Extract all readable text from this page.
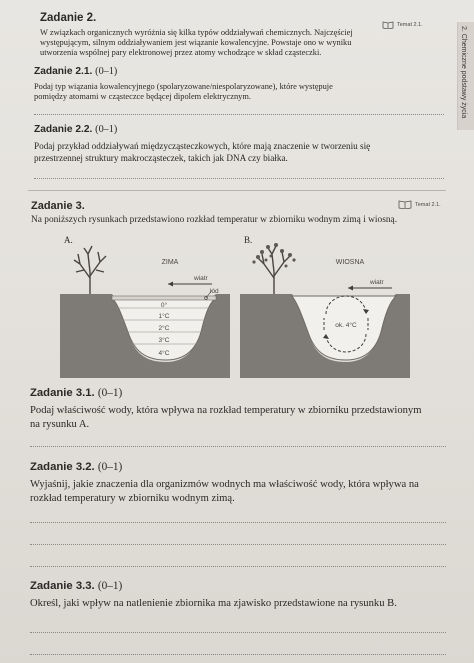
2. Chemiczne podstawy życia
Zadanie 2.
Temat 2.1.
W związkach organicznych wyróżnia się kilka typów oddziaływań chemicznych. Najczęściej
występującym, silnym oddziaływaniem jest wiązanie kowalencyjne. Powstaje ono w wyniku
utworzenia wspólnej pary elektronowej przez atomy wchodzące w skład cząsteczki.
Zadanie 2.1. (0–1)
Podaj typ wiązania kowalencyjnego (spolaryzowane/niespolaryzowane), które występuje
pomiędzy atomami w cząsteczce będącej dipolem elektrycznym.
Zadanie 2.2. (0–1)
Podaj przykład oddziaływań międzycząsteczkowych, które mają znaczenie w tworzeniu się
przestrzennej struktury makrocząsteczek, takich jak DNA czy białka.
Zadanie 3.	Temat 2.1.
Na poniższych rysunkach przedstawiono rozkład temperatur w zbiorniku wodnym zimą i wiosną.
A.	B.
ZIMA
wiatr
lód
0°
1°C
2°C
3°C
4°C
WIOSNA
wiatr
ok. 4°C
Zadanie 3.1. (0–1)
Podaj właściwość wody, która wpływa na rozkład temperatury w zbiorniku przedstawionym
na rysunku A.
Zadanie 3.2. (0–1)
Wyjaśnij, jakie znaczenia dla organizmów wodnych ma właściwość wody, która wpływa na
rozkład temperatury w zbiorniku wodnym zimą.
Zadanie 3.3. (0–1)
Określ, jaki wpływ na natlenienie zbiornika ma zjawisko przedstawione na rysunku B.
